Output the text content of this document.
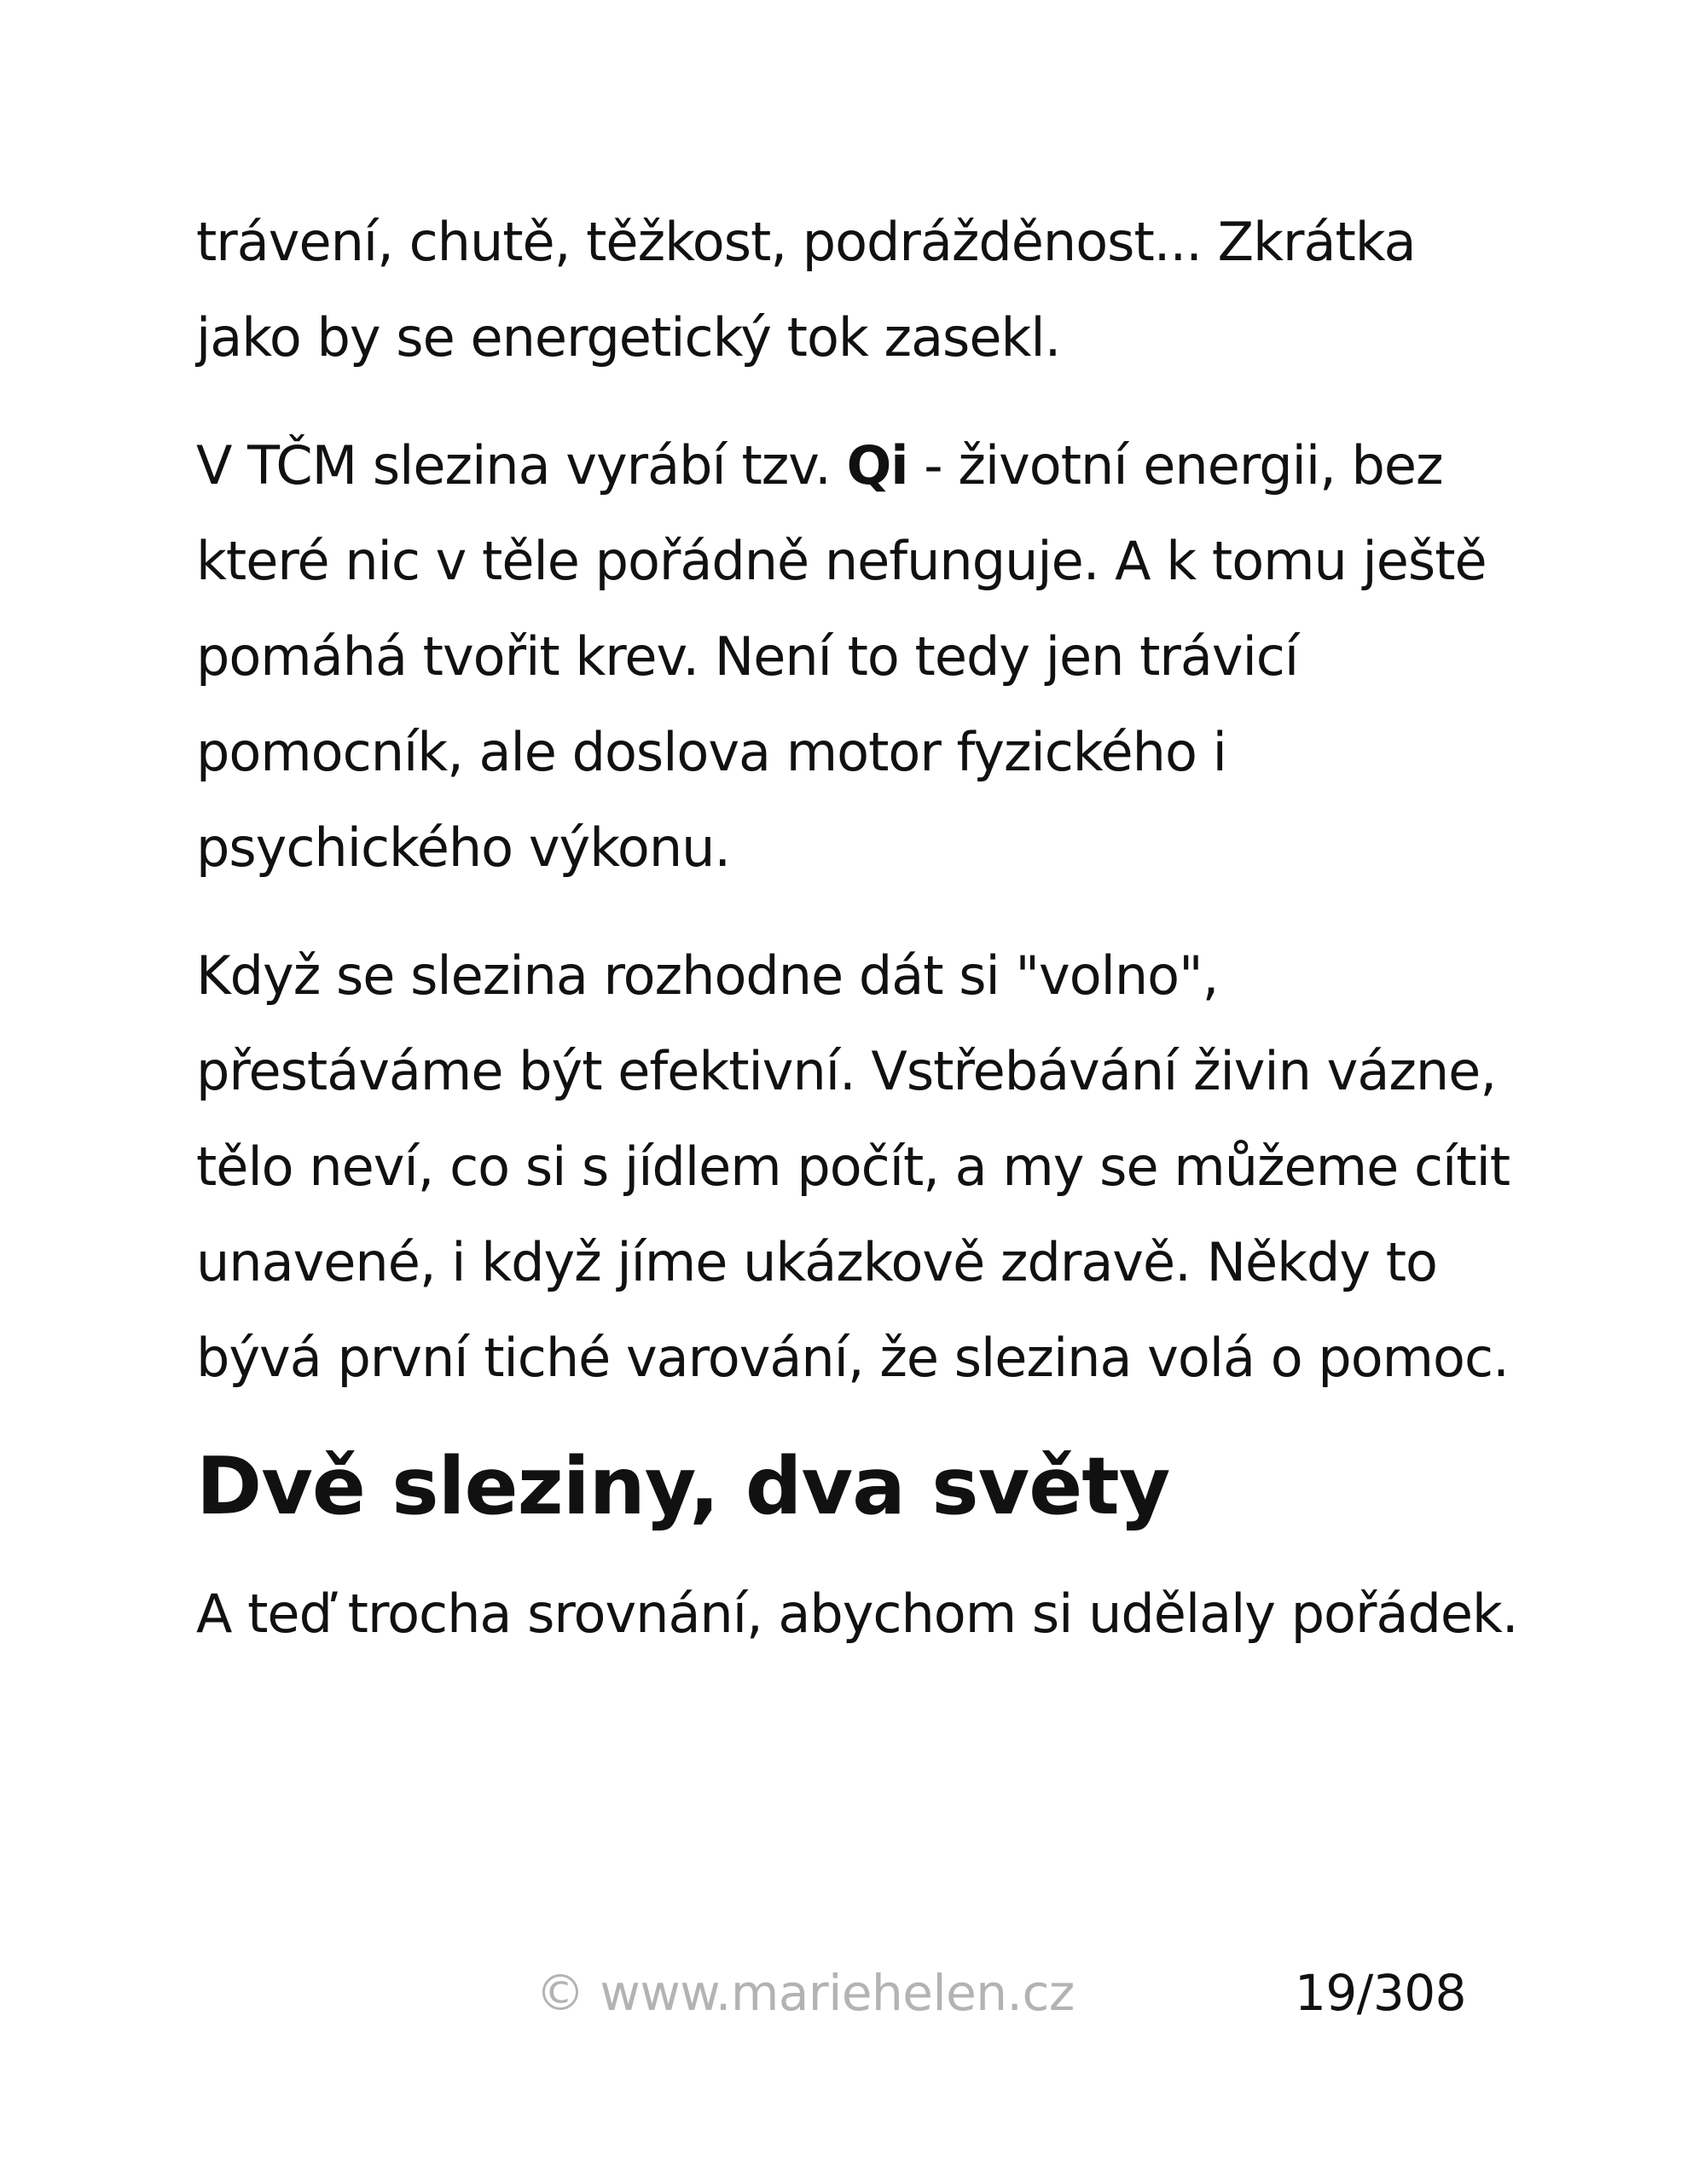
trávení, chutě, těžkost, podrážděnost... Zkrátka jako by se energetický tok zasekl.

V TČM slezina vyrábí tzv. Qi - životní energii, bez které nic v těle pořádně nefunguje. A k tomu ještě pomáhá tvořit krev. Není to tedy jen trávicí pomocník, ale doslova motor fyzického i psychického výkonu.

Když se slezina rozhodne dát si "volno", přestáváme být efektivní. Vstřebávání živin vázne, tělo neví, co si s jídlem počít, a my se můžeme cítit unavené, i když jíme ukázkově zdravě. Někdy to bývá první tiché varování, že slezina volá o pomoc.

Dvě sleziny, dva světy

A teď trocha srovnání, abychom si udělaly pořádek.

© www.mariehelen.cz	19/308
